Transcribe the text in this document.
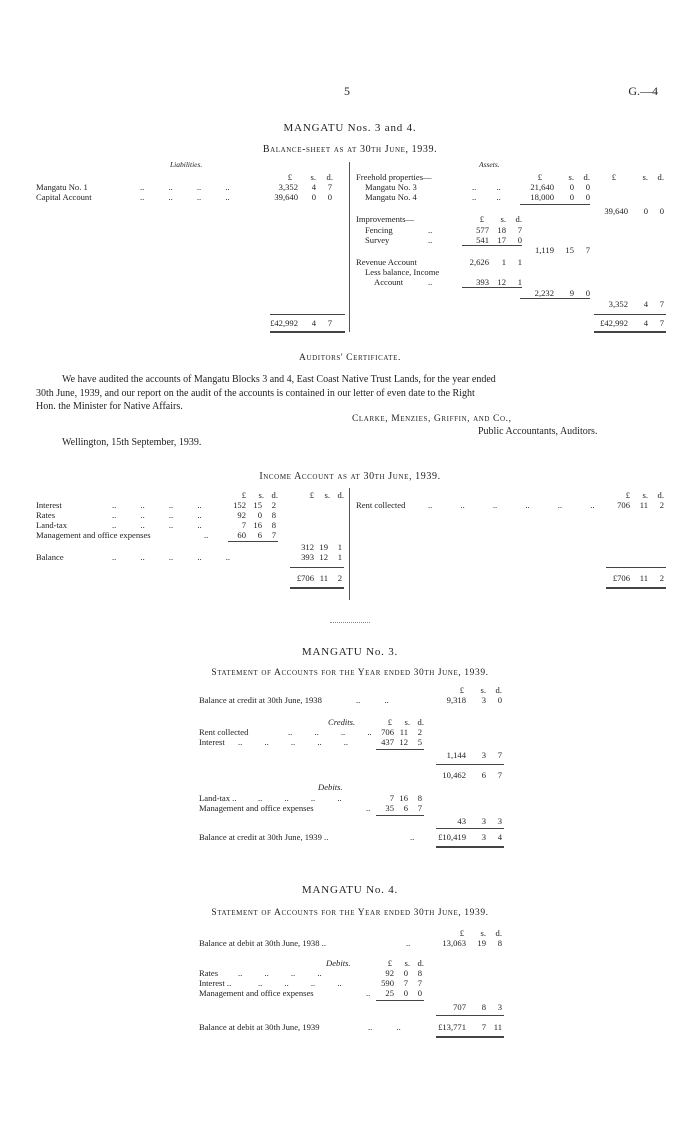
5	G.—4
MANGATU Nos. 3 and 4.
Balance-sheet as at 30th June, 1939.
Liabilities.	Assets.
£	s.	d.
Mangatu No. 1	.. .. .. ..	3,352	4	7
Capital Account	.. .. .. ..	39,640	0	0
£42,992	4	7
Freehold properties—	£	s.	d.	£	s.	d.
Mangatu No. 3	.. ..	21,640	0	0
Mangatu No. 4	.. ..	18,000	0	0
39,640	0	0
Improvements—	£	s.	d.
Fencing	..	577 18	7
Survey	..	541 17	0
1,119	15	7
Revenue Account	2,626	1	1
Less balance, Income
Account	..	393 12	1
2,232	9	0
3,352	4	7
£42,992	4	7
Auditors' Certificate.
We have audited the accounts of Mangatu Blocks 3 and 4, East Coast Native Trust Lands, for the year ended
30th June, 1939, and our report on the audit of the accounts is contained in our letter of even date to the Right
Hon. the Minister for Native Affairs.
Clarke, Menzies, Griffin, and Co.,
Public Accountants, Auditors.
Wellington, 15th September, 1939.
Income Account as at 30th June, 1939.
£	s. d.	£	s. d.	£	s.	d.
Interest	.. .. .. ..	152 15	2
Rates	.. .. .. ..	92	0	8
Land-tax	.. .. .. ..	7 16	8
Management and office expenses	..	60	6	7
312 19	1
Balance	.. .. .. .. ..	393 12	1
£706 11	2
Rent collected	.. .. .. .. .. ..	706	11	2
£706	11	2
MANGATU No. 3.
Statement of Accounts for the Year ended 30th June, 1939.
£	s.	d.
Balance at credit at 30th June, 1938	.. ..	9,318	3	0
Credits.	£	s. d.
Rent collected	.. .. .. ..	706 11	2
Interest .. .. .. .. ..	437 12	5
1,144	3	7
10,462	6	7
Debits.
Land-tax ..	.. .. .. ..	7 16	8
Management and office expenses	..	35	6	7
43	3	3
Balance at credit at 30th June, 1939 ..	..	£10,419	3	4
MANGATU No. 4.
Statement of Accounts for the Year ended 30th June, 1939.
£	s.	d.
Balance at debit at 30th June, 1938 ..	..	13,063	19	8
Debits.	£	s. d.
Rates .. .. .. ..	92	0	8
Interest ..	.. .. .. ..	590	7	7
Management and office expenses	..	25	0	0
707	8	3
Balance at debit at 30th June, 1939	.. ..	£13,771	7 11
